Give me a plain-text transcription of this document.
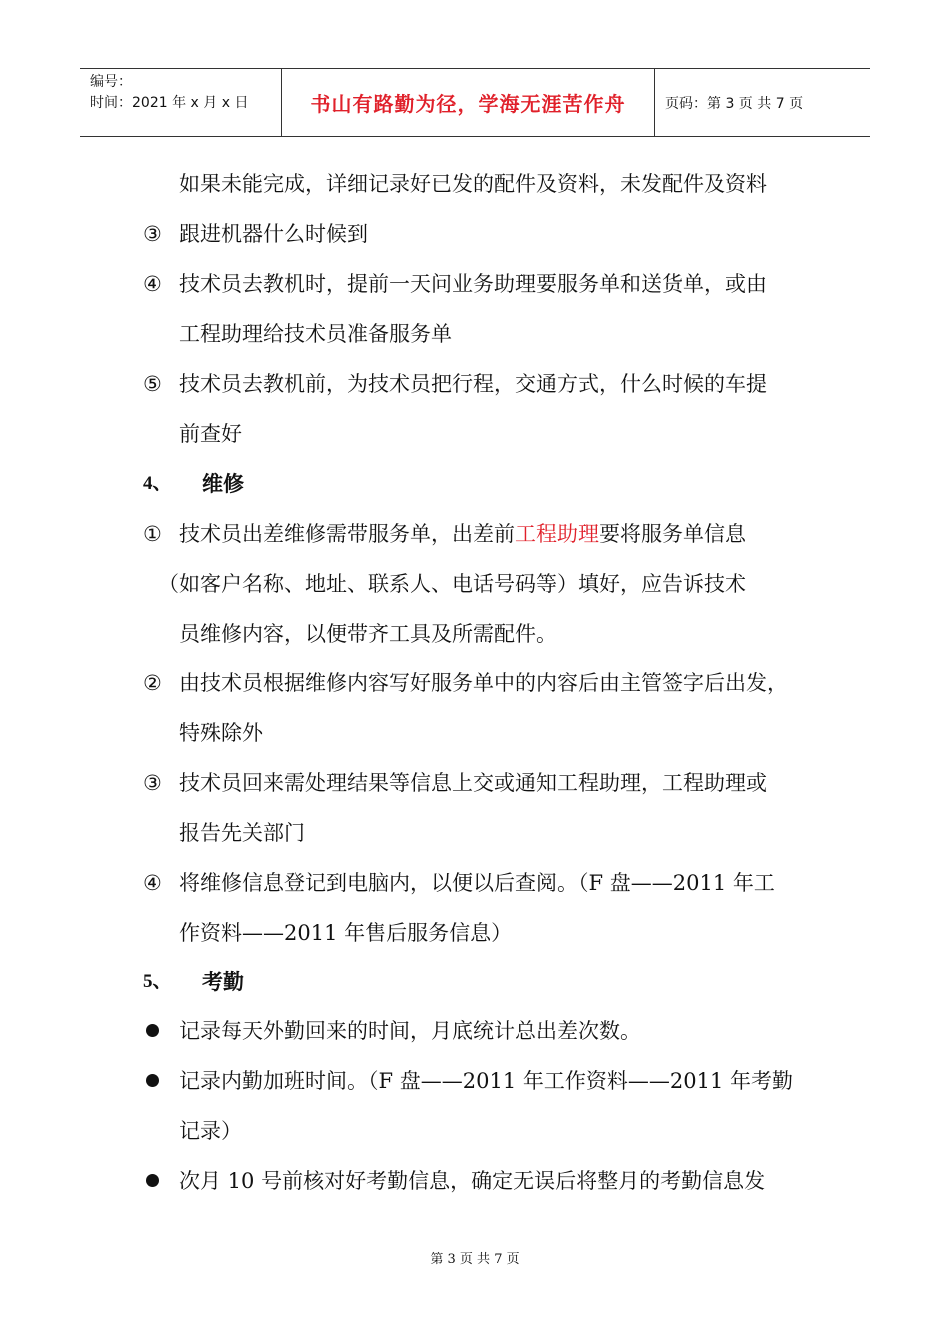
编号：
时间：2021 年 x 月 x 日	书山有路勤为径，学海无涯苦作舟	页码：第 3 页 共 7 页
如果未能完成，详细记录好已发的配件及资料，未发配件及资料
③ 跟进机器什么时候到
④ 技术员去教机时，提前一天问业务助理要服务单和送货单，或由
工程助理给技术员准备服务单
⑤ 技术员去教机前，为技术员把行程，交通方式，什么时候的车提
前查好
4、 维修
① 技术员出差维修需带服务单，出差前工程助理要将服务单信息
（如客户名称、地址、联系人、电话号码等）填好，应告诉技术
员维修内容，以便带齐工具及所需配件。
② 由技术员根据维修内容写好服务单中的内容后由主管签字后出发，
特殊除外
③ 技术员回来需处理结果等信息上交或通知工程助理，工程助理或
报告先关部门
④ 将维修信息登记到电脑内，以便以后查阅。（F 盘——2011 年工
作资料——2011 年售后服务信息）
5、 考勤
记录每天外勤回来的时间，月底统计总出差次数。
记录内勤加班时间。（F 盘——2011 年工作资料——2011 年考勤
记录）
次月 10 号前核对好考勤信息，确定无误后将整月的考勤信息发
第 3 页 共 7 页
